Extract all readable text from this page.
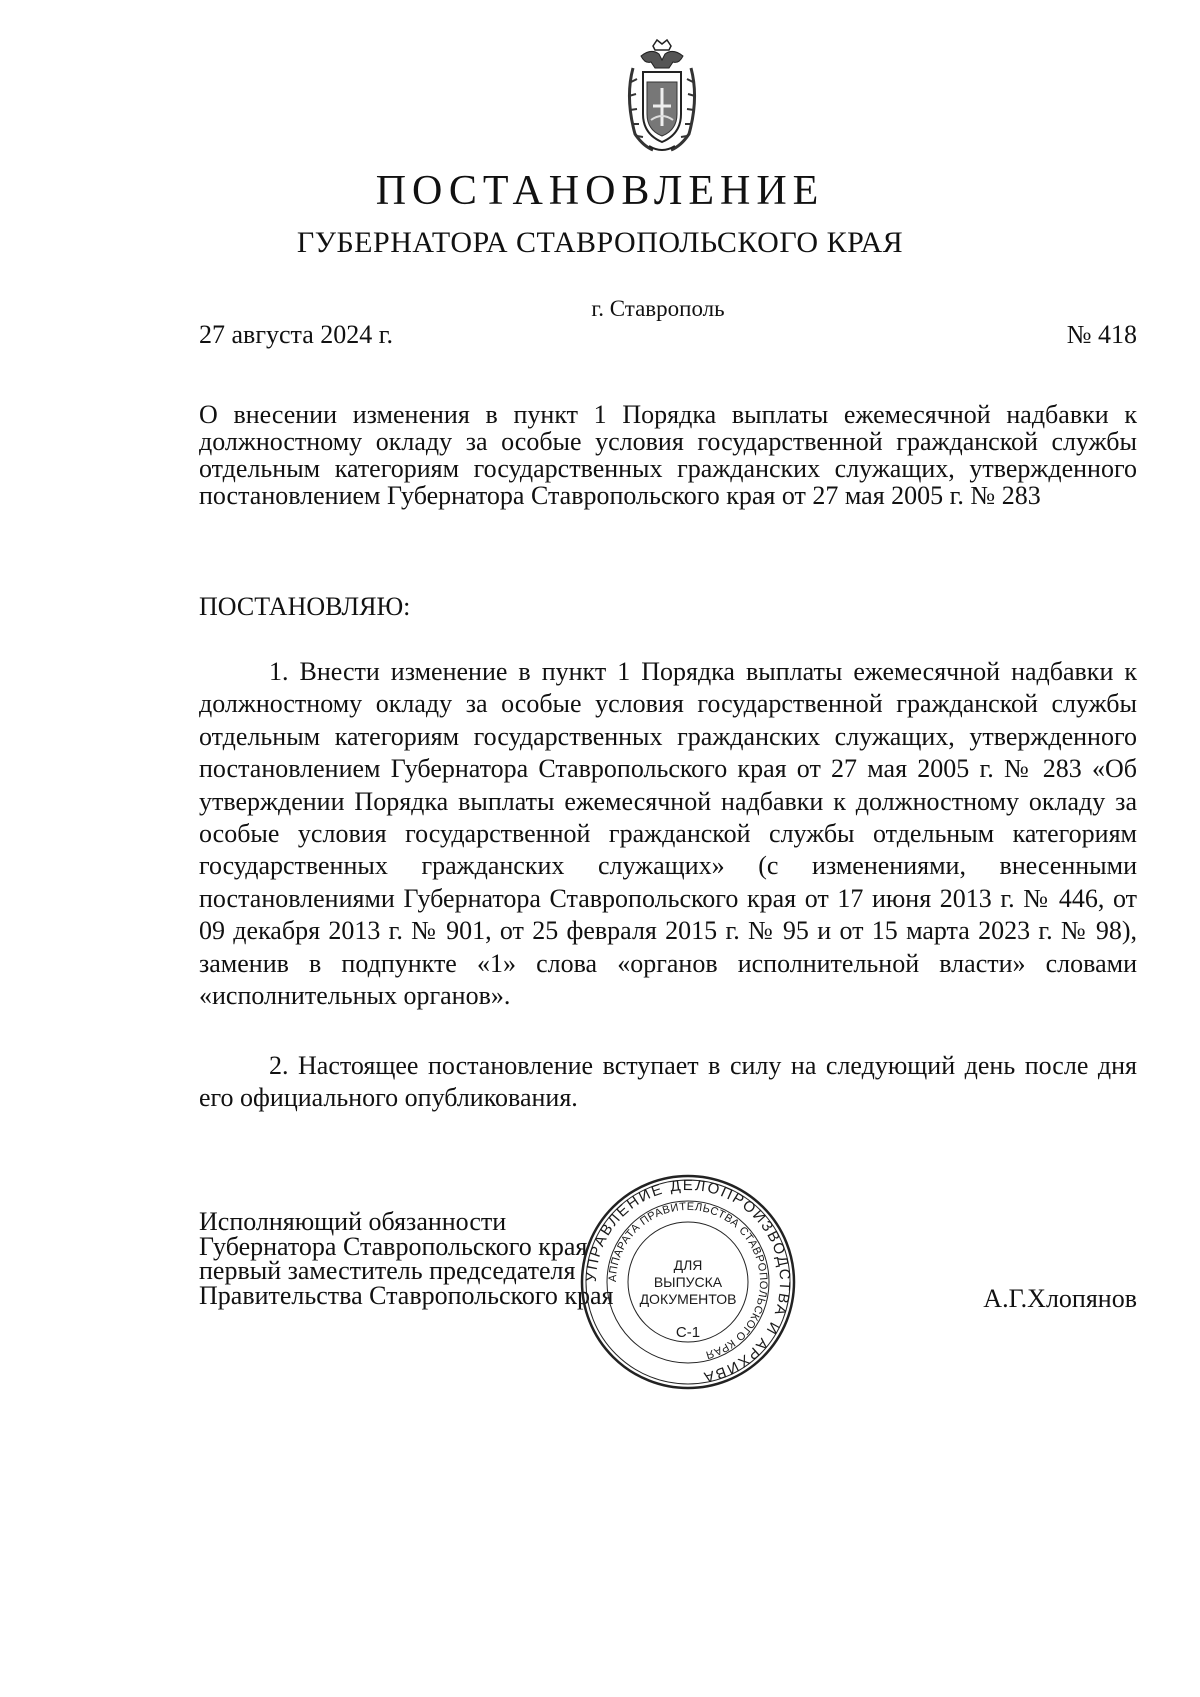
ПОСТАНОВЛЕНИЕ
ГУБЕРНАТОРА СТАВРОПОЛЬСКОГО КРАЯ
г. Ставрополь
27 августа 2024 г.	№ 418
О внесении изменения в пункт 1 Порядка выплаты ежемесячной надбавки к должностному окладу за особые условия государственной гражданской службы отдельным категориям государственных гражданских служащих, утвержденного постановлением Губернатора Ставропольского края от 27 мая 2005 г. № 283
ПОСТАНОВЛЯЮ:
1. Внести изменение в пункт 1 Порядка выплаты ежемесячной надбавки к должностному окладу за особые условия государственной гражданской службы отдельным категориям государственных гражданских служащих, утвержденного постановлением Губернатора Ставропольского края от 27 мая 2005 г. № 283 «Об утверждении Порядка выплаты ежемесячной надбавки к должностному окладу за особые условия государственной гражданской службы отдельным категориям государственных гражданских служащих» (с изменениями, внесенными постановлениями Губернатора Ставропольского края от 17 июня 2013 г. № 446, от 09 декабря 2013 г. № 901, от 25 февраля 2015 г. № 95 и от 15 марта 2023 г. № 98), заменив в подпункте «1» слова «органов исполнительной власти» словами «исполнительных органов».
2. Настоящее постановление вступает в силу на следующий день после дня его официального опубликования.
Исполняющий обязанности
Губернатора Ставропольского края
первый заместитель председателя
Правительства Ставропольского края	А.Г.Хлопянов
УПРАВЛЕНИЕ ДЕЛОПРОИЗВОДСТВА И АРХИВА
АППАРАТА ПРАВИТЕЛЬСТВА СТАВРОПОЛЬСКОГО КРАЯ
ДЛЯ
ВЫПУСКА
ДОКУМЕНТОВ
С-1
